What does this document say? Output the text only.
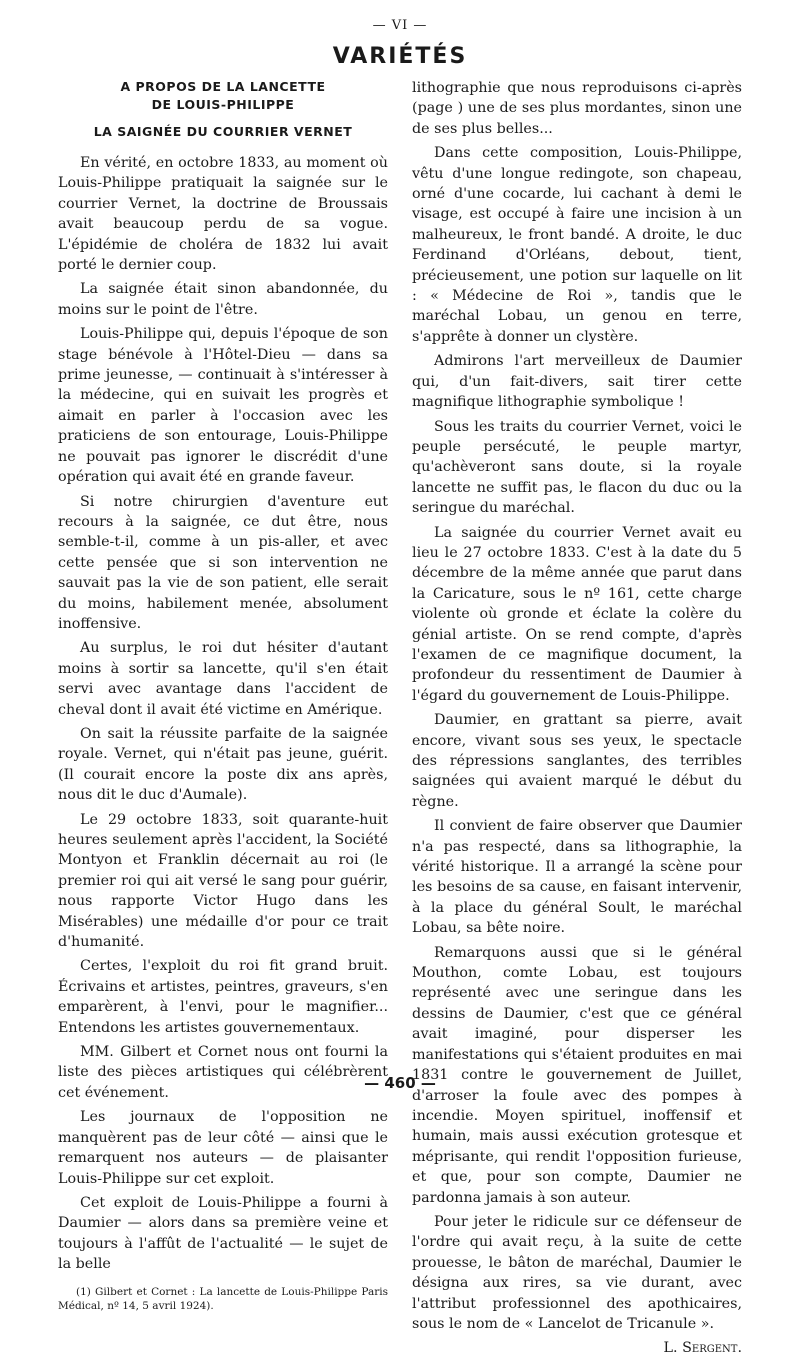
— VI —
VARIÉTÉS
A PROPOS DE LA LANCETTE
DE LOUIS-PHILIPPE
LA SAIGNÉE DU COURRIER VERNET

En vérité, en octobre 1833, au moment où Louis-Philippe pratiquait la saignée sur le courrier Vernet, la doctrine de Broussais avait beaucoup perdu de sa vogue. L'épidémie de choléra de 1832 lui avait porté le dernier coup.

La saignée était sinon abandonnée, du moins sur le point de l'être.

Louis-Philippe qui, depuis l'époque de son stage bénévole à l'Hôtel-Dieu — dans sa prime jeunesse, — continuait à s'intéresser à la médecine, qui en suivait les progrès et aimait en parler à l'occasion avec les praticiens de son entourage, Louis-Philippe ne pouvait pas ignorer le discrédit d'une opération qui avait été en grande faveur.

Si notre chirurgien d'aventure eut recours à la saignée, ce dut être, nous semble-t-il, comme à un pis-aller, et avec cette pensée que si son intervention ne sauvait pas la vie de son patient, elle serait du moins, habilement menée, absolument inoffensive.

Au surplus, le roi dut hésiter d'autant moins à sortir sa lancette, qu'il s'en était servi avec avantage dans l'accident de cheval dont il avait été victime en Amérique.

On sait la réussite parfaite de la saignée royale. Vernet, qui n'était pas jeune, guérit. (Il courait encore la poste dix ans après, nous dit le duc d'Aumale).

Le 29 octobre 1833, soit quarante-huit heures seulement après l'accident, la Société Montyon et Franklin décernait au roi (le premier roi qui ait versé le sang pour guérir, nous rapporte Victor Hugo dans les Misérables) une médaille d'or pour ce trait d'humanité.

Certes, l'exploit du roi fit grand bruit. Écrivains et artistes, peintres, graveurs, s'en emparèrent, à l'envi, pour le magnifier... Entendons les artistes gouvernementaux.

MM. Gilbert et Cornet nous ont fourni la liste des pièces artistiques qui célébrèrent cet événement.

Les journaux de l'opposition ne manquèrent pas de leur côté — ainsi que le remarquent nos auteurs — de plaisanter Louis-Philippe sur cet exploit.

Cet exploit de Louis-Philippe a fourni à Daumier — alors dans sa première veine et toujours à l'affût de l'actualité — le sujet de la belle

(1) Gilbert et Cornet : La lancette de Louis-Philippe Paris Médical, nº 14, 5 avril 1924).

lithographie que nous reproduisons ci-après (page ) une de ses plus mordantes, sinon une de ses plus belles...

Dans cette composition, Louis-Philippe, vêtu d'une longue redingote, son chapeau, orné d'une cocarde, lui cachant à demi le visage, est occupé à faire une incision à un malheureux, le front bandé. A droite, le duc Ferdinand d'Orléans, debout, tient, précieusement, une potion sur laquelle on lit : « Médecine de Roi », tandis que le maréchal Lobau, un genou en terre, s'apprête à donner un clystère.

Admirons l'art merveilleux de Daumier qui, d'un fait-divers, sait tirer cette magnifique lithographie symbolique !

Sous les traits du courrier Vernet, voici le peuple persécuté, le peuple martyr, qu'achèveront sans doute, si la royale lancette ne suffit pas, le flacon du duc ou la seringue du maréchal.

La saignée du courrier Vernet avait eu lieu le 27 octobre 1833. C'est à la date du 5 décembre de la même année que parut dans la Caricature, sous le nº 161, cette charge violente où gronde et éclate la colère du génial artiste. On se rend compte, d'après l'examen de ce magnifique document, la profondeur du ressentiment de Daumier à l'égard du gouvernement de Louis-Philippe.

Daumier, en grattant sa pierre, avait encore, vivant sous ses yeux, le spectacle des répressions sanglantes, des terribles saignées qui avaient marqué le début du règne.

Il convient de faire observer que Daumier n'a pas respecté, dans sa lithographie, la vérité historique. Il a arrangé la scène pour les besoins de sa cause, en faisant intervenir, à la place du général Soult, le maréchal Lobau, sa bête noire.

Remarquons aussi que si le général Mouthon, comte Lobau, est toujours représenté avec une seringue dans les dessins de Daumier, c'est que ce général avait imaginé, pour disperser les manifestations qui s'étaient produites en mai 1831 contre le gouvernement de Juillet, d'arroser la foule avec des pompes à incendie. Moyen spirituel, inoffensif et humain, mais aussi exécution grotesque et méprisante, qui rendit l'opposition furieuse, et que, pour son compte, Daumier ne pardonna jamais à son auteur.

Pour jeter le ridicule sur ce défenseur de l'ordre qui avait reçu, à la suite de cette prouesse, le bâton de maréchal, Daumier le désigna aux rires, sa vie durant, avec l'attribut professionnel des apothicaires, sous le nom de « Lancelot de Tricanule ».

L. Sergent.
— 460 —
